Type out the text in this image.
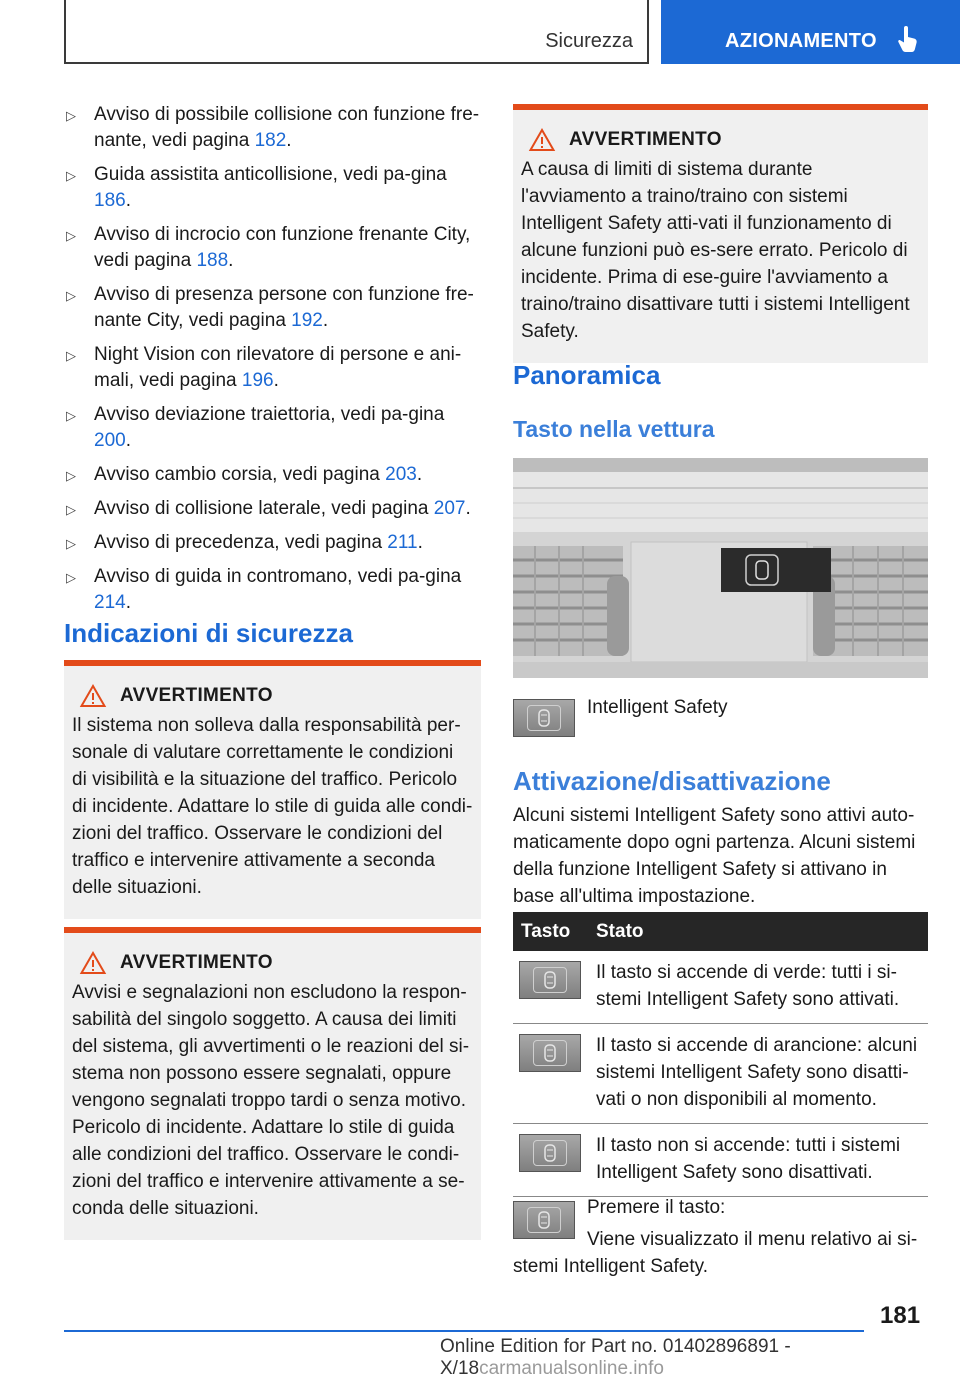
Sicurezza	AZIONAMENTO
▷ Avviso di possibile collisione con funzione fre-nante, vedi pagina 182.
▷ Guida assistita anticollisione, vedi pa-gina 186.
▷ Avviso di incrocio con funzione frenante City, vedi pagina 188.
▷ Avviso di presenza persone con funzione fre-nante City, vedi pagina 192.
▷ Night Vision con rilevatore di persone e ani-mali, vedi pagina 196.
▷ Avviso deviazione traiettoria, vedi pa-gina 200.
▷ Avviso cambio corsia, vedi pagina 203.
▷ Avviso di collisione laterale, vedi pagina 207.
▷ Avviso di precedenza, vedi pagina 211.
▷ Avviso di guida in contromano, vedi pa-gina 214.
Indicazioni di sicurezza
AVVERTIMENTO
Il sistema non solleva dalla responsabilità per-sonale di valutare correttamente le condizioni di visibilità e la situazione del traffico. Pericolo di incidente. Adattare lo stile di guida alle condi-zioni del traffico. Osservare le condizioni del traffico e intervenire attivamente a seconda delle situazioni.
AVVERTIMENTO
Avvisi e segnalazioni non escludono la respon-sabilità del singolo soggetto. A causa dei limiti del sistema, gli avvertimenti o le reazioni del si-stema non possono essere segnalati, oppure vengono segnalati troppo tardi o senza motivo. Pericolo di incidente. Adattare lo stile di guida alle condizioni del traffico. Osservare le condi-zioni del traffico e intervenire attivamente a se-conda delle situazioni.
AVVERTIMENTO
A causa di limiti di sistema durante l'avviamento a traino/traino con sistemi Intelligent Safety atti-vati il funzionamento di alcune funzioni può es-sere errato. Pericolo di incidente. Prima di ese-guire l'avviamento a traino/traino disattivare tutti i sistemi Intelligent Safety.
Panoramica
Tasto nella vettura
Intelligent Safety
Attivazione/disattivazione
Alcuni sistemi Intelligent Safety sono attivi auto-maticamente dopo ogni partenza. Alcuni sistemi della funzione Intelligent Safety si attivano in base all'ultima impostazione.
Tasto	Stato
Il tasto si accende di verde: tutti i si-stemi Intelligent Safety sono attivati.
Il tasto si accende di arancione: alcuni sistemi Intelligent Safety sono disatti-vati o non disponibili al momento.
Il tasto non si accende: tutti i sistemi Intelligent Safety sono disattivati.
Premere il tasto:
Viene visualizzato il menu relativo ai si-stemi Intelligent Safety.
181
Online Edition for Part no. 01402896891 - X/18carmanualsonline.info
